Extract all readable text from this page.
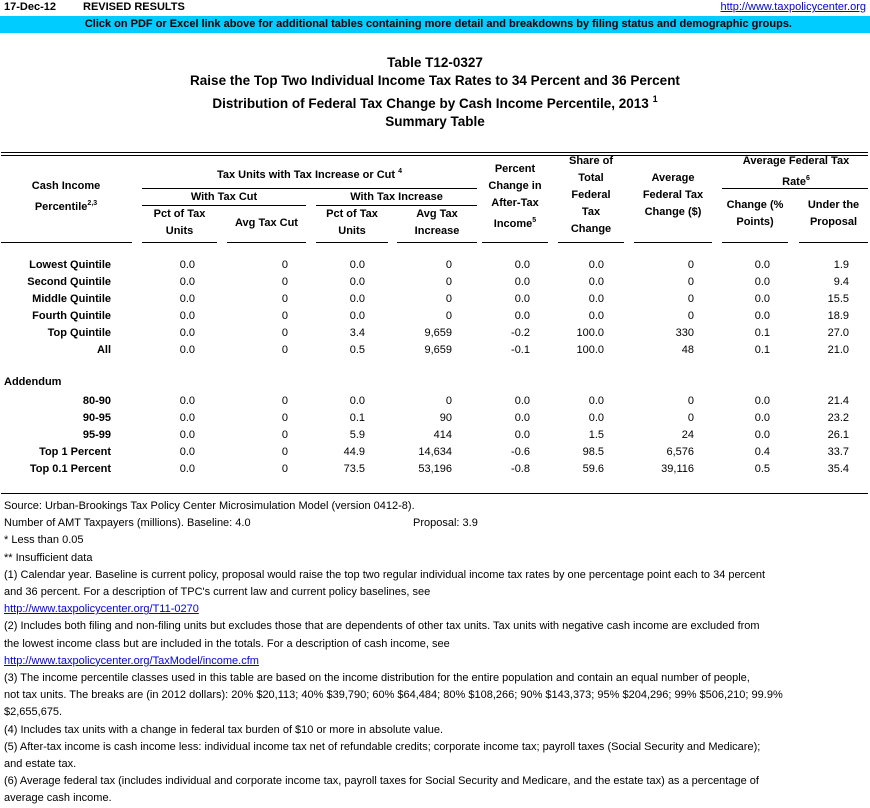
17-Dec-12 REVISED RESULTS	http://www.taxpolicycenter.org
Click on PDF or Excel link above for additional tables containing more detail and breakdowns by filing status and demographic groups.
Table T12-0327
Raise the Top Two Individual Income Tax Rates to 34 Percent and 36 Percent
Distribution of Federal Tax Change by Cash Income Percentile, 2013 $^1$
Summary Table
Cash Income
Percentile$^{2,3}$
Tax Units with Tax Increase or Cut $^4$
With Tax Cut	With Tax Increase
Pct of Tax
Units
Avg Tax Cut
Pct of Tax
Units
Avg Tax
Increase
Percent
Change in
After-Tax
Income$^5$
Share of
Total
Federal
Tax
Change
Average
Federal Tax
Change ($)
Average Federal Tax
Rate$^6$
Change (%
Points)
Under the
Proposal
Lowest Quintile	0.0	0	0.0	0	0.0	0.0	0	0.0	1.9
Second Quintile	0.0	0	0.0	0	0.0	0.0	0	0.0	9.4
Middle Quintile	0.0	0	0.0	0	0.0	0.0	0	0.0	15.5
Fourth Quintile	0.0	0	0.0	0	0.0	0.0	0	0.0	18.9
Top Quintile	0.0	0	3.4	9,659	-0.2	100.0	330	0.1	27.0
All	0.0	0	0.5	9,659	-0.1	100.0	48	0.1	21.0
80-90	0.0	0	0.0	0	0.0	0.0	0	0.0	21.4
90-95	0.0	0	0.1	90	0.0	0.0	0	0.0	23.2
95-99	0.0	0	5.9	414	0.0	1.5	24	0.0	26.1
Top 1 Percent	0.0	0	44.9	14,634	-0.6	98.5	6,576	0.4	33.7
Top 0.1 Percent	0.0	0	73.5	53,196	-0.8	59.6	39,116	0.5	35.4
Addendum
Source: Urban-Brookings Tax Policy Center Microsimulation Model (version 0412-8).
Number of AMT Taxpayers (millions). Baseline: 4.0	Proposal: 3.9
* Less than 0.05
** Insufficient data
(1) Calendar year. Baseline is current policy, proposal would raise the top two regular individual income tax rates by one percentage point each to 34 percent
and 36 percent. For a description of TPC's current law and current policy baselines, see
http://www.taxpolicycenter.org/T11-0270
(2) Includes both filing and non-filing units but excludes those that are dependents of other tax units. Tax units with negative cash income are excluded from
the lowest income class but are included in the totals. For a description of cash income, see
http://www.taxpolicycenter.org/TaxModel/income.cfm
(3) The income percentile classes used in this table are based on the income distribution for the entire population and contain an equal number of people,
not tax units. The breaks are (in 2012 dollars): 20% $20,113; 40% $39,790; 60% $64,484; 80% $108,266; 90% $143,373; 95% $204,296; 99% $506,210; 99.9%
$2,655,675.
(4) Includes tax units with a change in federal tax burden of $10 or more in absolute value.
(5) After-tax income is cash income less: individual income tax net of refundable credits; corporate income tax; payroll taxes (Social Security and Medicare);
and estate tax.
(6) Average federal tax (includes individual and corporate income tax, payroll taxes for Social Security and Medicare, and the estate tax) as a percentage of
average cash income.
